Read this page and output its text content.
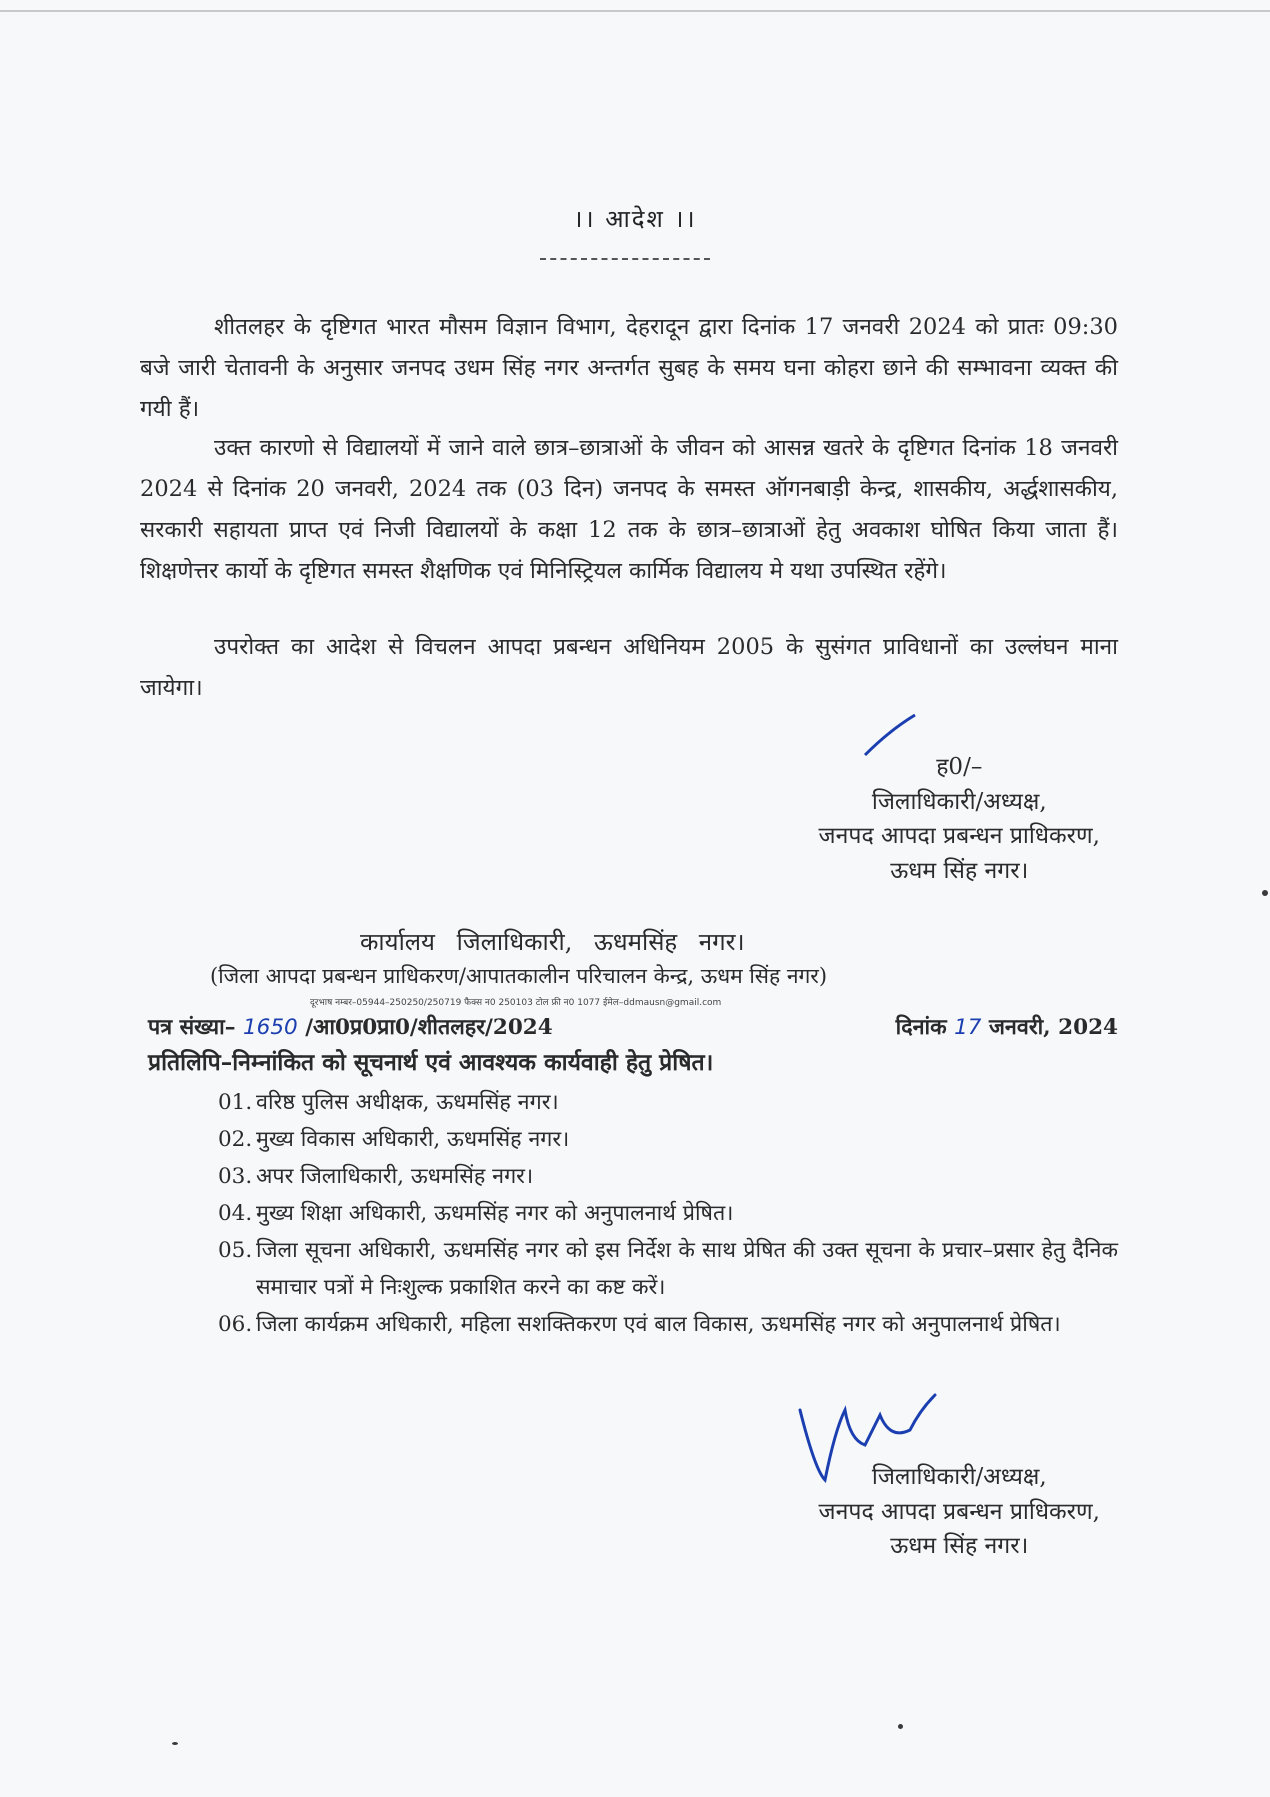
।। आदेश ।।
शीतलहर के दृष्टिगत भारत मौसम विज्ञान विभाग, देहरादून द्वारा दिनांक 17 जनवरी 2024 को प्रातः 09:30 बजे जारी चेतावनी के अनुसार जनपद उधम सिंह नगर अन्तर्गत सुबह के समय घना कोहरा छाने की सम्भावना व्यक्त की गयी हैं।
उक्त कारणो से विद्यालयों में जाने वाले छात्र–छात्राओं के जीवन को आसन्न खतरे के दृष्टिगत दिनांक 18 जनवरी 2024 से दिनांक 20 जनवरी, 2024 तक (03 दिन) जनपद के समस्त ऑगनबाड़ी केन्द्र, शासकीय, अर्द्धशासकीय, सरकारी सहायता प्राप्त एवं निजी विद्यालयों के कक्षा 12 तक के छात्र–छात्राओं हेतु अवकाश घोषित किया जाता हैं। शिक्षणेत्तर कार्यो के दृष्टिगत समस्त शैक्षणिक एवं मिनिस्ट्रियल कार्मिक विद्यालय मे यथा उपस्थित रहेंगे।
उपरोक्त का आदेश से विचलन आपदा प्रबन्धन अधिनियम 2005 के सुसंगत प्राविधानों का उल्लंघन माना जायेगा।
ह0/–
जिलाधिकारी/अध्यक्ष,
जनपद आपदा प्रबन्धन प्राधिकरण,
ऊधम सिंह नगर।
कार्यालय जिलाधिकारी, ऊधमसिंह नगर।
(जिला आपदा प्रबन्धन प्राधिकरण/आपातकालीन परिचालन केन्द्र, ऊधम सिंह नगर)
दूरभाष नम्बर–05944–250250/250719 फैक्स न0 250103 टोल फ्री न0 1077 ईमेल–ddmausn@gmail.com
पत्र संख्या– 1650 /आ0प्र0प्रा0/शीतलहर/2024	दिनांक 17 जनवरी, 2024
प्रतिलिपि–निम्नांकित को सूचनार्थ एवं आवश्यक कार्यवाही हेतु प्रेषित।
01. वरिष्ठ पुलिस अधीक्षक, ऊधमसिंह नगर।
02. मुख्य विकास अधिकारी, ऊधमसिंह नगर।
03. अपर जिलाधिकारी, ऊधमसिंह नगर।
04. मुख्य शिक्षा अधिकारी, ऊधमसिंह नगर को अनुपालनार्थ प्रेषित।
05. जिला सूचना अधिकारी, ऊधमसिंह नगर को इस निर्देश के साथ प्रेषित की उक्त सूचना के प्रचार–प्रसार हेतु दैनिक समाचार पत्रों मे निःशुल्क प्रकाशित करने का कष्ट करें।
06. जिला कार्यक्रम अधिकारी, महिला सशक्तिकरण एवं बाल विकास, ऊधमसिंह नगर को अनुपालनार्थ प्रेषित।
जिलाधिकारी/अध्यक्ष,
जनपद आपदा प्रबन्धन प्राधिकरण,
ऊधम सिंह नगर।
